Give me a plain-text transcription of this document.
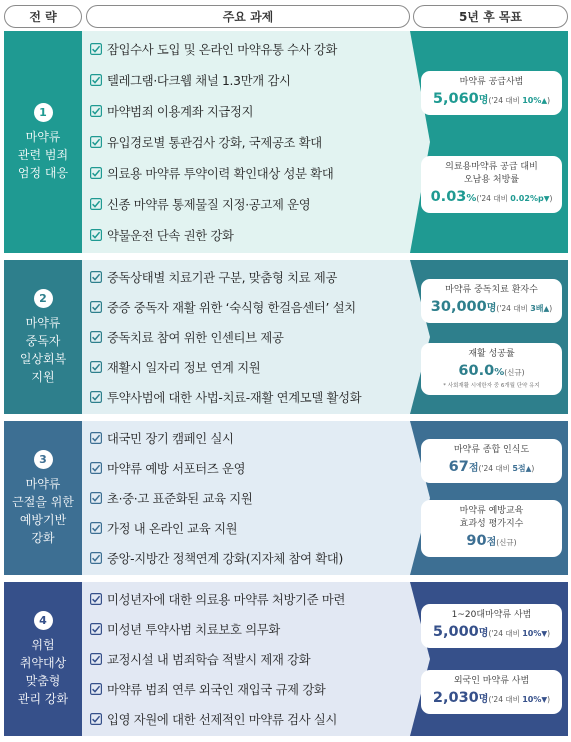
전 략	주요 과제	5년 후 목표
1
마약류
관련 범죄
엄정 대응
잠입수사 도입 및 온라인 마약유통 수사 강화
텔레그램·다크웹 채널 1.3만개 감시
마약범죄 이용계좌 지급정지
유입경로별 통관검사 강화, 국제공조 확대
의료용 마약류 투약이력 확인대상 성분 확대
신종 마약류 통제물질 지정·공고제 운영
약물운전 단속 권한 강화
마약류 공급사범
5,060명('24 대비 10%▲)
의료용마약류 공급 대비
오남용 처방률
0.03%('24 대비 0.02%p▼)
2
마약류
중독자
일상회복
지원
중독상태별 치료기관 구분, 맞춤형 치료 제공
중증 중독자 재활 위한 ‘숙식형 한걸음센터’ 설치
중독치료 참여 위한 인센티브 제공
재활시 일자리 정보 연계 지원
투약사범에 대한 사법-치료-재활 연계모델 활성화
마약류 중독치료 환자수
30,000명('24 대비 3배▲)
재활 성공률
60.0%(신규)
* 사회재활 시에한자 중 6개월 단약 유지
3
마약류
근절을 위한
예방기반
강화
대국민 장기 캠페인 실시
마약류 예방 서포터즈 운영
초·중·고 표준화된 교육 지원
가정 내 온라인 교육 지원
중앙-지방간 정책연계 강화(지자체 참여 확대)
마약류 종합 인식도
67점('24 대비 5점▲)
마약류 예방교육
효과성 평가지수
90점(신규)
4
위험
취약대상
맞춤형
관리 강화
미성년자에 대한 의료용 마약류 처방기준 마련
미성년 투약사범 치료보호 의무화
교정시설 내 범죄학습 적발시 제재 강화
마약류 범죄 연루 외국인 재입국 규제 강화
입영 자원에 대한 선제적인 마약류 검사 실시
1~20대마약류 사범
5,000명('24 대비 10%▼)
외국인 마약류 사범
2,030명('24 대비 10%▼)
